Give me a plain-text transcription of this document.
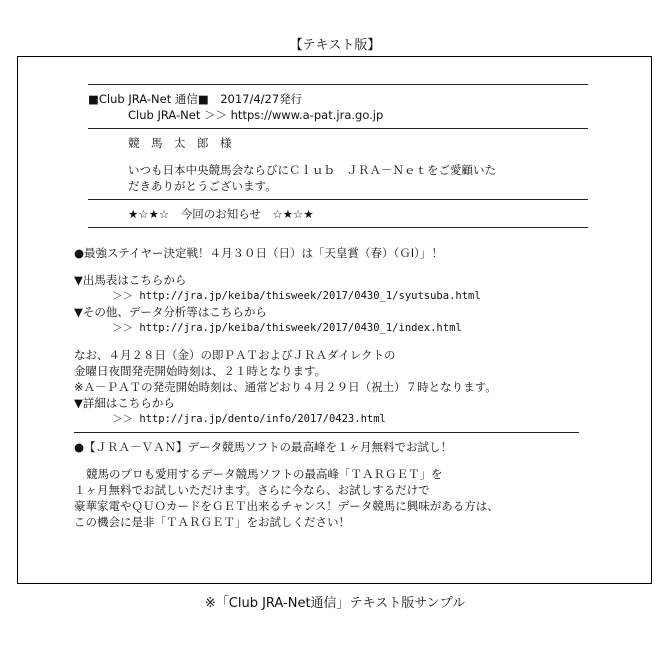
【テキスト版】
■Club JRA-Net 通信■　2017/4/27発行
Club JRA-Net ＞＞ https://www.a-pat.jra.go.jp
競　馬　太　郎　様
いつも日本中央競馬会ならびにＣｌｕｂ　ＪＲＡ－Ｎｅｔをご愛顧いた
だきありがとうございます。
★☆★☆　今回のお知らせ　☆★☆★
●最強ステイヤー決定戦！４月３０日（日）は「天皇賞（春）（ＧⅠ）」！
▼出馬表はこちらから
＞＞ http://jra.jp/keiba/thisweek/2017/0430_1/syutsuba.html
▼その他、データ分析等はこちらから
＞＞ http://jra.jp/keiba/thisweek/2017/0430_1/index.html
なお、４月２８日（金）の即ＰＡＴおよびＪＲＡダイレクトの
金曜日夜間発売開始時刻は、２１時となります。
※Ａ－ＰＡＴの発売開始時刻は、通常どおり４月２９日（祝土）７時となります。
▼詳細はこちらから
＞＞ http://jra.jp/dento/info/2017/0423.html
●【ＪＲＡ－ＶＡＮ】データ競馬ソフトの最高峰を１ヶ月無料でお試し！
競馬のプロも愛用するデータ競馬ソフトの最高峰「ＴＡＲＧＥＴ」を
１ヶ月無料でお試しいただけます。さらに今なら、お試しするだけで
豪華家電やＱＵＯカードをＧＥＴ出来るチャンス！データ競馬に興味がある方は、
この機会に是非「ＴＡＲＧＥＴ」をお試しください！
※「Club JRA-Net通信」テキスト版サンプル
